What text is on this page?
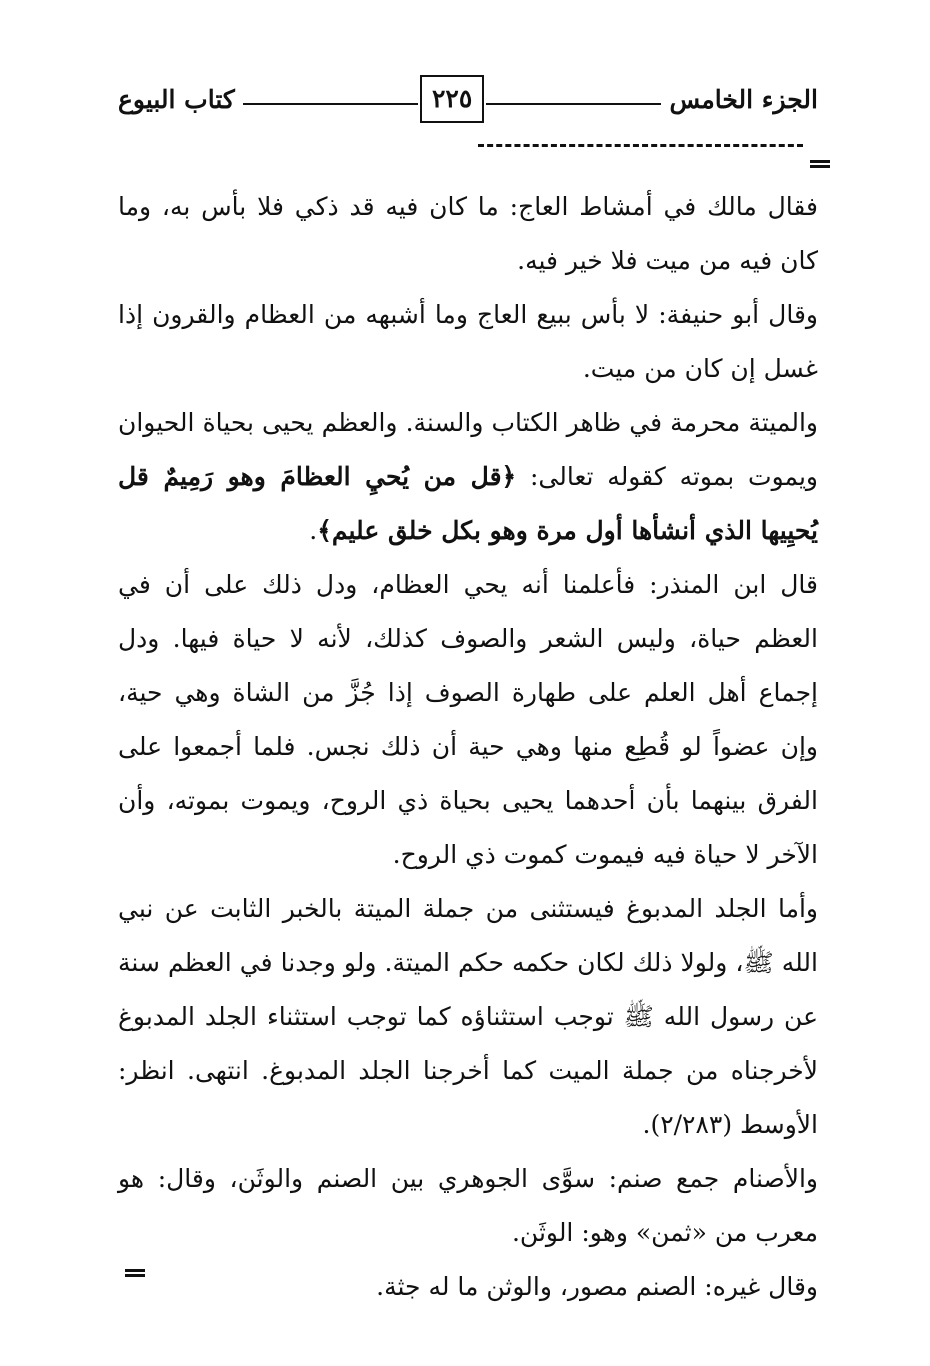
الجزء الخامس
٢٢٥
كتاب البيوع

فقال مالك في أمشاط العاج: ما كان فيه قد ذكي فلا بأس به، وما كان فيه من ميت فلا خير فيه.

وقال أبو حنيفة: لا بأس ببيع العاج وما أشبهه من العظام والقرون إذا غسل إن كان من ميت.

والميتة محرمة في ظاهر الكتاب والسنة. والعظم يحيى بحياة الحيوان ويموت بموته كقوله تعالى: ﴿قل من يُحيِ العظامَ وهو رَمِيمٌ قل يُحيِيها الذي أنشأها أول مرة وهو بكل خلق عليم﴾.

قال ابن المنذر: فأعلمنا أنه يحي العظام، ودل ذلك على أن في العظم حياة، وليس الشعر والصوف كذلك، لأنه لا حياة فيها. ودل إجماع أهل العلم على طهارة الصوف إذا جُزَّ من الشاة وهي حية، وإن عضواً لو قُطِع منها وهي حية أن ذلك نجس. فلما أجمعوا على الفرق بينهما بأن أحدهما يحيى بحياة ذي الروح، ويموت بموته، وأن الآخر لا حياة فيه فيموت كموت ذي الروح.

وأما الجلد المدبوغ فيستثنى من جملة الميتة بالخبر الثابت عن نبي الله ﷺ، ولولا ذلك لكان حكمه حكم الميتة. ولو وجدنا في العظم سنة عن رسول الله ﷺ توجب استثناؤه كما توجب استثناء الجلد المدبوغ لأخرجناه من جملة الميت كما أخرجنا الجلد المدبوغ. انتهى. انظر: الأوسط (٢/٢٨٣).

والأصنام جمع صنم: سوَّى الجوهري بين الصنم والوثَن، وقال: هو معرب من «ثمن» وهو: الوثَن.

وقال غيره: الصنم مصور، والوثن ما له جثة.
